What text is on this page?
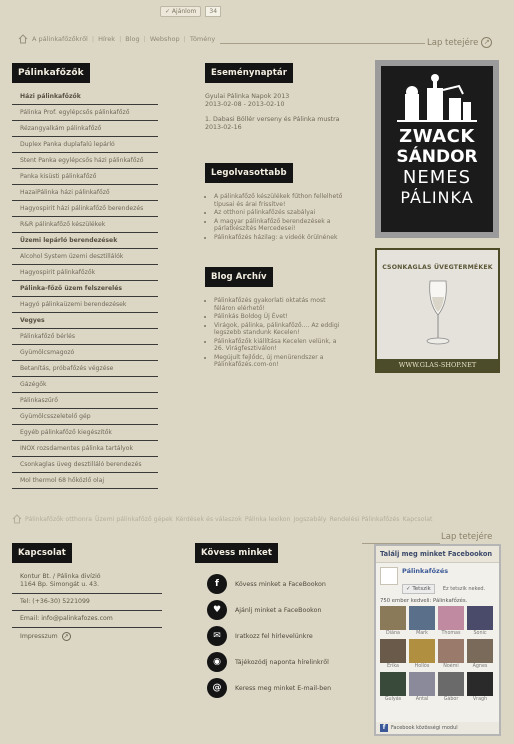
✓ Ajánlom	34
A pálinkafőzőkről | Hírek | Blog | Webshop | Tömény	Lap tetejére ↗
Pálinkafőzők
Házi pálinkafőzők
Pálinka Prof. egylépcsős pálinkafőző
Rézangyalkám pálinkafőző
Duplex Panka duplafalú lepárló
Stent Panka egylépcsős házi pálinkafőző
Panka kisüsti pálinkafőző
HazaiPálinka házi pálinkafőző
Hagyospirit házi pálinkafőző berendezés
R&R pálinkafőző készülékek
Üzemi lepárló berendezések
Alcohol System üzemi desztillálók
Hagyospirit pálinkafőzők
Pálinka-főző üzem felszerelés
Hagyó pálinkaüzemi berendezések
Vegyes
Pálinkafőző bérlés
Gyümölcsmagozó
Betanítás, próbafőzés végzése
Gázégők
Pálinkaszűrő
Gyümölcsszeletelő gép
Egyéb pálinkafőző kiegészítők
INOX rozsdamentes pálinka tartályok
Csonkaglas üveg desztilláló berendezés
Mol thermol 68 hőközlő olaj
Eseménynaptár
Gyulai Pálinka Napok 2013
2013-02-08 - 2013-02-10
1. Dabasi Böllér verseny és Pálinka mustra
2013-02-16
Legolvasottabb
• A pálinkafőző készülékek fűthon fellelhető típusai és árai frissítve!
• Az otthoni pálinkafőzés szabályai
• A magyar pálinkafőző berendezések a párlatkészítés Mercedesei!
• Pálinkafőzés házilag: a videók örülnének
Blog Archív
• Pálinkafőzés gyakorlati oktatás most féláron elérhető!
• Pálinkás Boldog Új Évet!
• Virágok, pálinka, pálinkafőző.... Az eddigi legszebb standunk Kecelen!
• Pálinkafőzők kiállítása Kecelen velünk, a 26. Virágfesztiválon!
• Megújult fejlődc, új menürendszer a Pálinkafőzés.com-on!
ZWACK
SÁNDOR
NEMES
PÁLINKA
CSONKAGLAS ÜVEGTERMÉKEK
WWW.GLAS-SHOP.NET
Pálinkafőzők otthonra Üzemi pálinkafőző gépek Kérdések és válaszok Pálinka lexikon Jogszabály Rendelési Pálinkafőzés Kapcsolat
Lap tetejére
Kapcsolat
Kontur Bt. / Pálinka divízió
1164 Bp. Simongát u. 43.
Tel: (+36-30) 5221099
Email: info@palinkafozes.com
Impresszum ↗
Kövess minket
f	Kövess minket a FaceBookon
♥	Ajánlj minket a FaceBookon
✉	Iratkozz fel hírlevelünkre
◉	Tájékozódj naponta hírelinkről
@	Keress meg minket E-mail-ben
Találj meg minket Facebookon
Pálinkafőzés
✓ Tetszik Ez tetszik neked.
750 ember kedveli: Pálinkafőzés.
Diána	Mark	Thomas	Sonic
Erika	Hollós	Noémi	Agnes
Gulyás	Antal	Gábor	Vragh
f	Facebook közösségi modul
